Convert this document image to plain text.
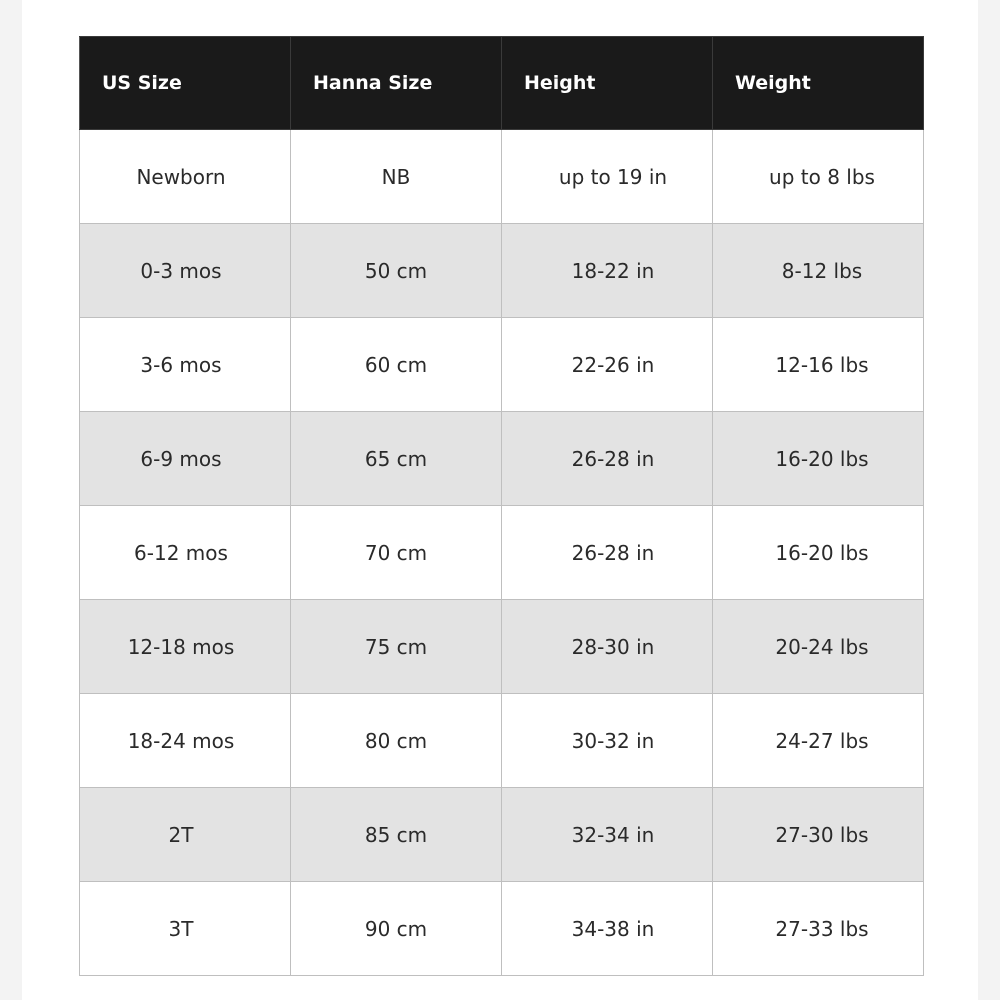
US Size	Hanna Size	Height	Weight
Newborn	NB	up to 19 in	up to 8 lbs
0-3 mos	50 cm	18-22 in	8-12 lbs
3-6 mos	60 cm	22-26 in	12-16 lbs
6-9 mos	65 cm	26-28 in	16-20 lbs
6-12 mos	70 cm	26-28 in	16-20 lbs
12-18 mos	75 cm	28-30 in	20-24 lbs
18-24 mos	80 cm	30-32 in	24-27 lbs
2T	85 cm	32-34 in	27-30 lbs
3T	90 cm	34-38 in	27-33 lbs
